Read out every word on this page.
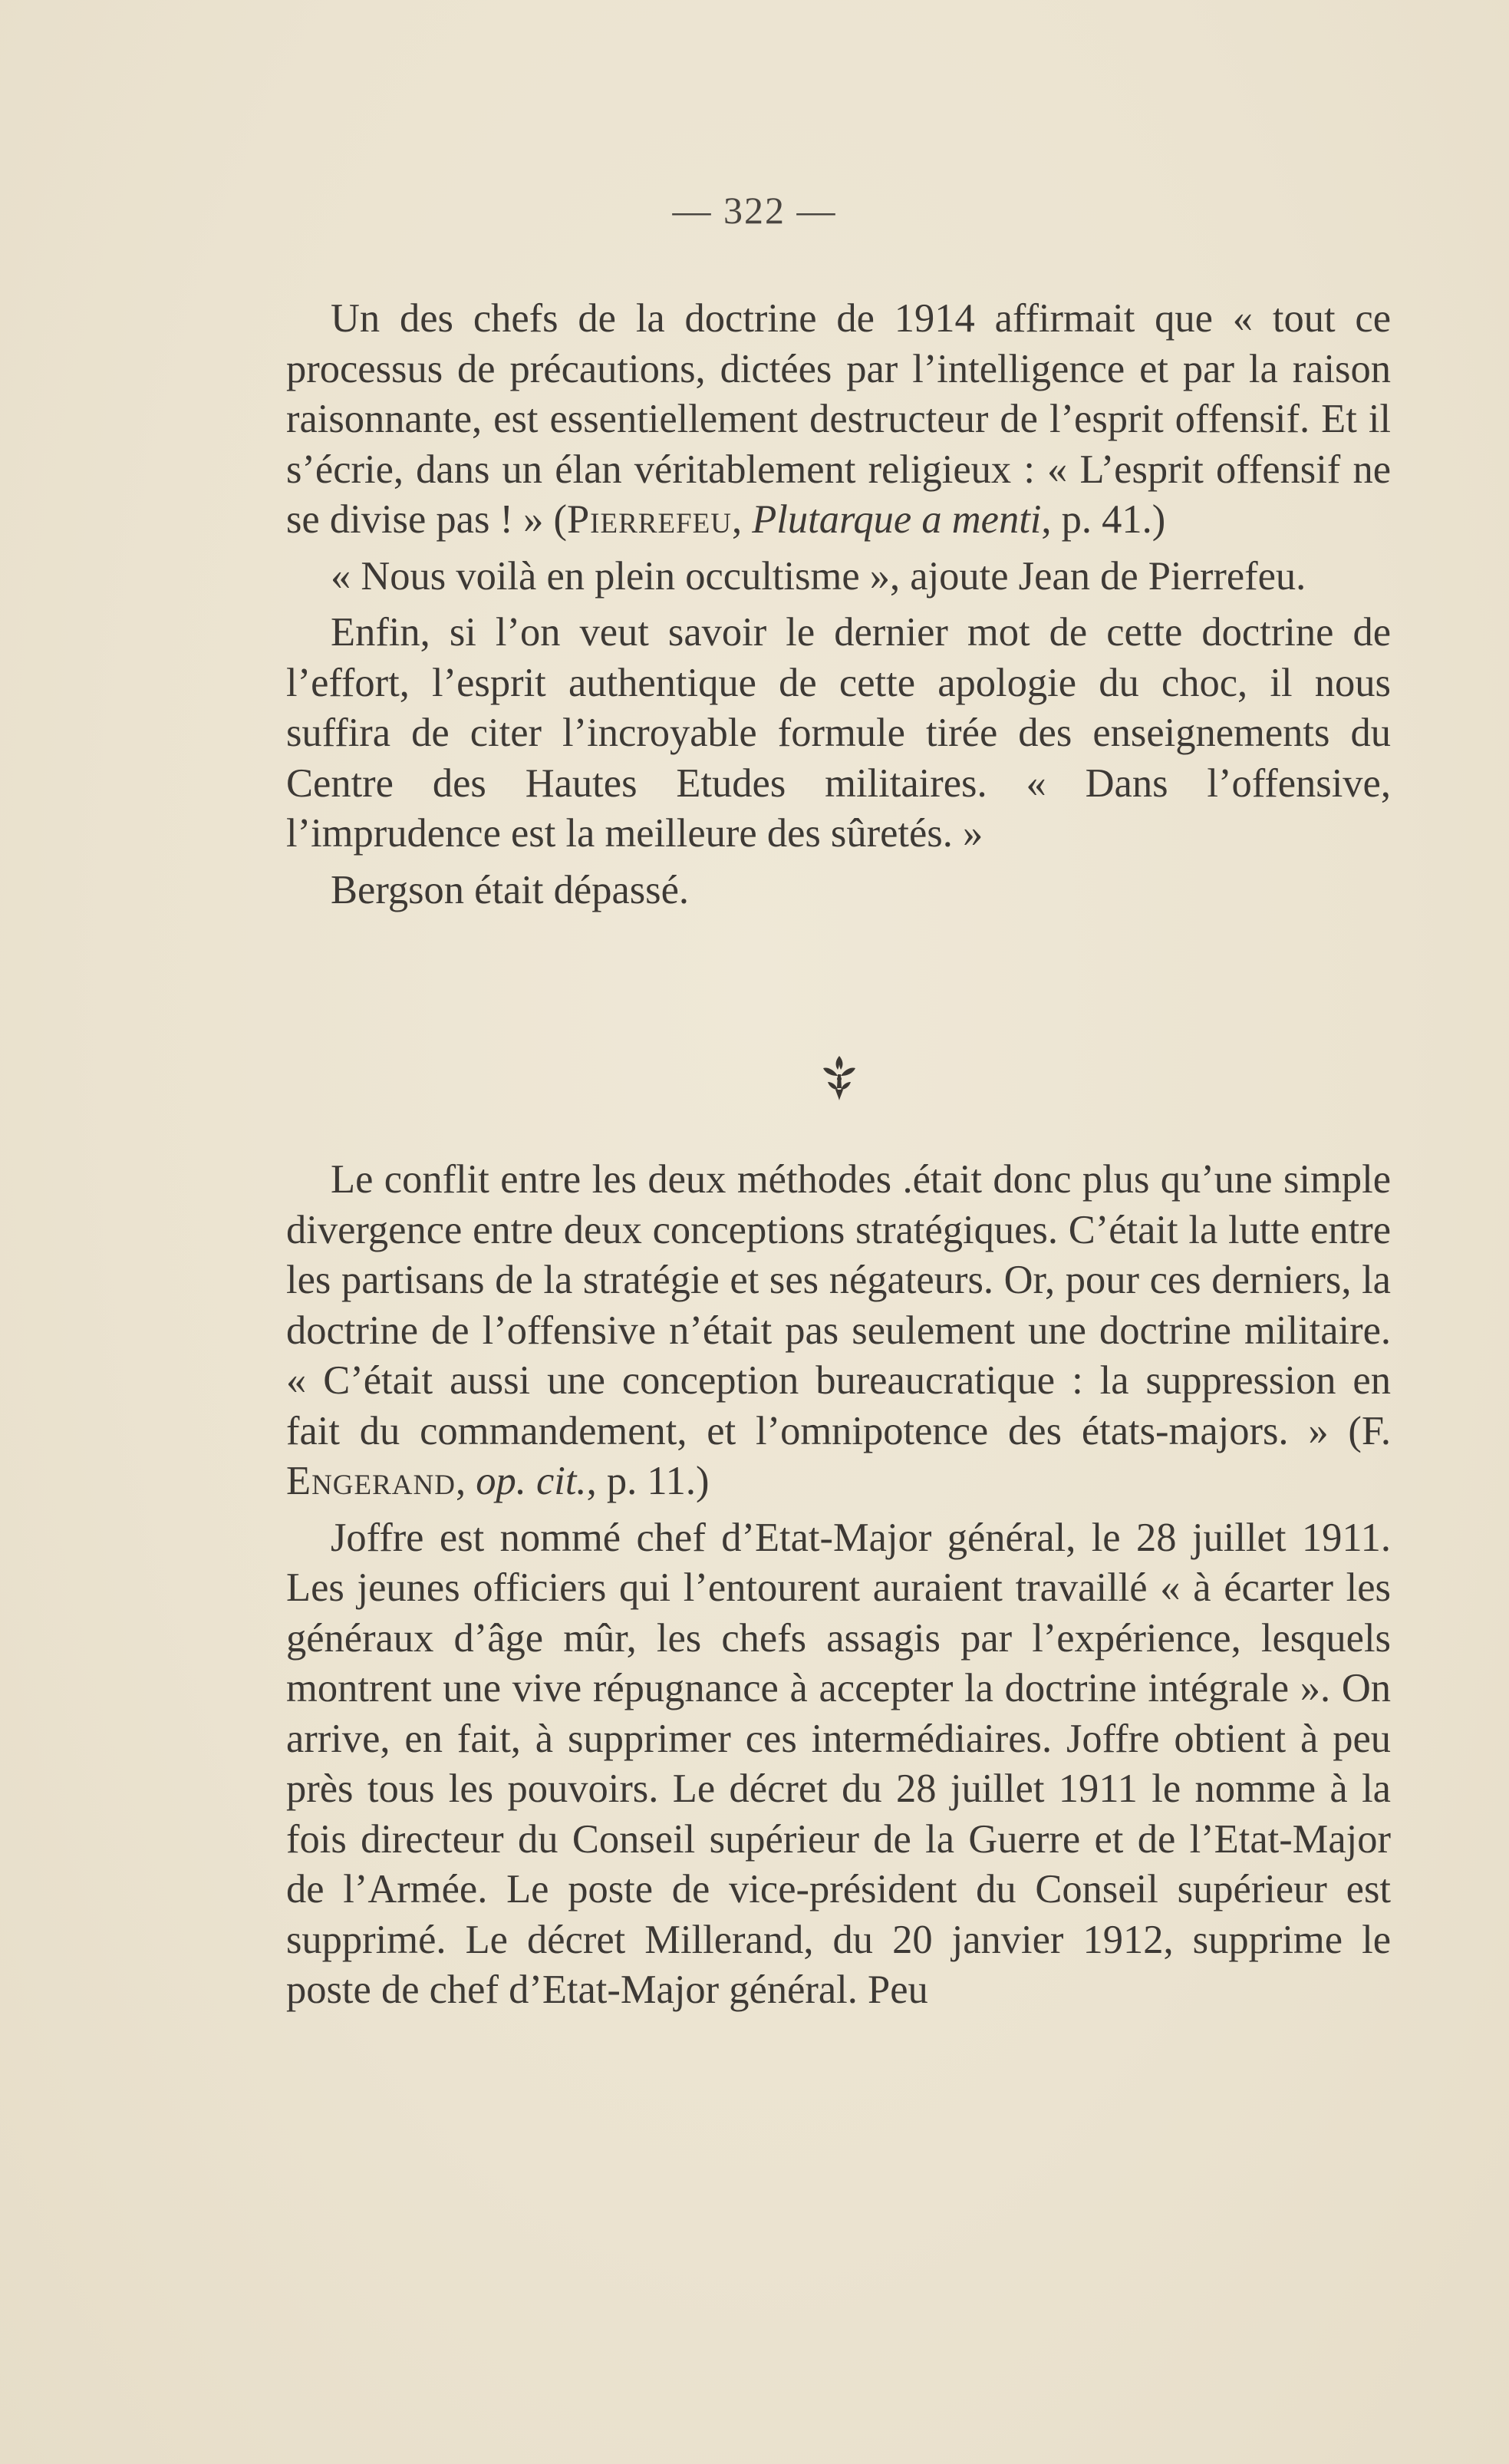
— 322 —

Un des chefs de la doctrine de 1914 affirmait que « tout ce processus de précautions, dictées par l’intelligence et par la raison raisonnante, est essentiellement destructeur de l’esprit offensif. Et il s’écrie, dans un élan véritablement religieux : « L’esprit offensif ne se divise pas ! » (Pierrefeu, Plutarque a menti, p. 41.)

« Nous voilà en plein occultisme », ajoute Jean de Pierrefeu.

Enfin, si l’on veut savoir le dernier mot de cette doctrine de l’effort, l’esprit authentique de cette apologie du choc, il nous suffira de citer l’incroyable formule tirée des enseignements du Centre des Hautes Etudes militaires. « Dans l’offensive, l’imprudence est la meilleure des sûretés. »

Bergson était dépassé.

Le conflit entre les deux méthodes .était donc plus qu’une simple divergence entre deux conceptions stratégiques. C’était la lutte entre les partisans de la stratégie et ses négateurs. Or, pour ces derniers, la doctrine de l’offensive n’était pas seulement une doctrine militaire. « C’était aussi une conception bureaucratique : la suppression en fait du commandement, et l’omnipotence des états-majors. » (F. Engerand, op. cit., p. 11.)

Joffre est nommé chef d’Etat-Major général, le 28 juillet 1911. Les jeunes officiers qui l’entourent auraient travaillé « à écarter les généraux d’âge mûr, les chefs assagis par l’expérience, lesquels montrent une vive répugnance à accepter la doctrine intégrale ». On arrive, en fait, à supprimer ces intermédiaires. Joffre obtient à peu près tous les pouvoirs. Le décret du 28 juillet 1911 le nomme à la fois directeur du Conseil supérieur de la Guerre et de l’Etat-Major de l’Armée. Le poste de vice-président du Conseil supérieur est supprimé. Le décret Millerand, du 20 janvier 1912, supprime le poste de chef d’Etat-Major général. Peu
